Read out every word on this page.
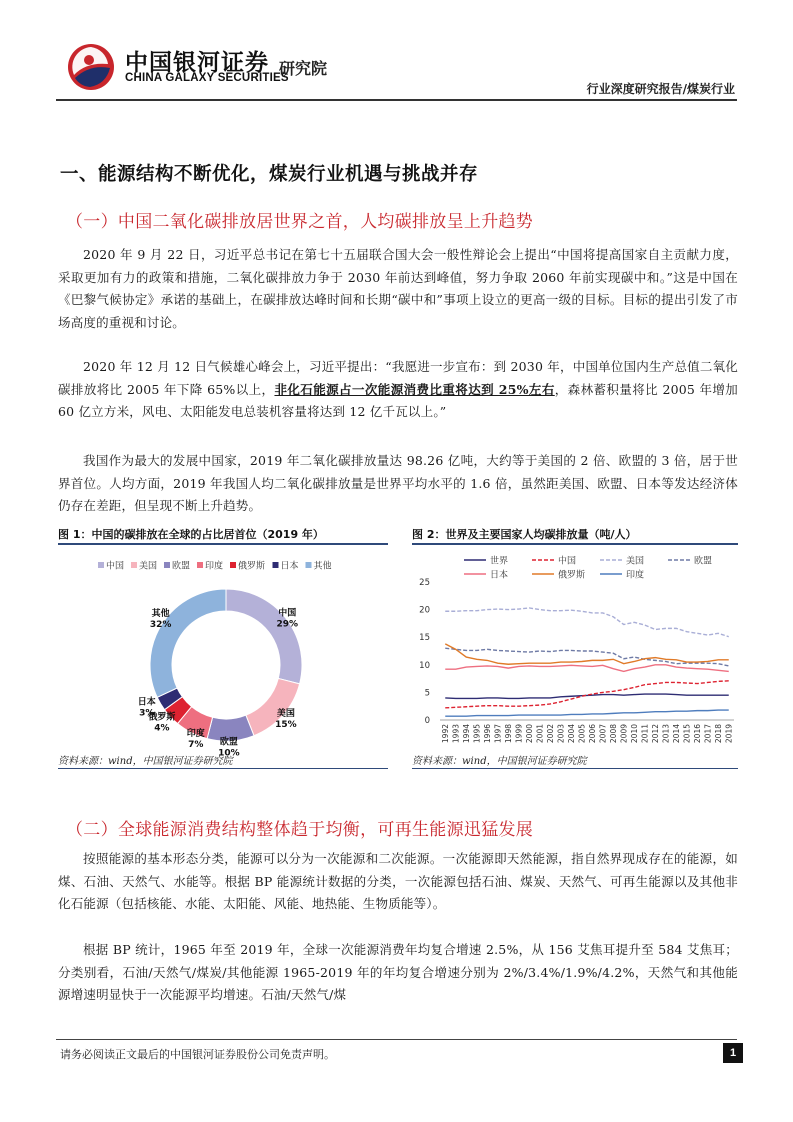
中国银河证券
CHINA GALAXY SECURITIES
研究院
行业深度研究报告/煤炭行业
一、能源结构不断优化，煤炭行业机遇与挑战并存
（一）中国二氧化碳排放居世界之首，人均碳排放呈上升趋势
2020 年 9 月 22 日，习近平总书记在第七十五届联合国大会一般性辩论会上提出“中国将提高国家自主贡献力度，采取更加有力的政策和措施，二氧化碳排放力争于 2030 年前达到峰值，努力争取 2060 年前实现碳中和。”这是中国在《巴黎气候协定》承诺的基础上，在碳排放达峰时间和长期“碳中和”事项上设立的更高一级的目标。目标的提出引发了市场高度的重视和讨论。
2020 年 12 月 12 日气候雄心峰会上，习近平提出：“我愿进一步宣布：到 2030 年，中国单位国内生产总值二氧化碳排放将比 2005 年下降 65%以上，非化石能源占一次能源消费比重将达到 25%左右，森林蓄积量将比 2005 年增加 60 亿立方米，风电、太阳能发电总装机容量将达到 12 亿千瓦以上。”
我国作为最大的发展中国家，2019 年二氧化碳排放量达 98.26 亿吨，大约等于美国的 2 倍、欧盟的 3 倍，居于世界首位。人均方面，2019 年我国人均二氧化碳排放量是世界平均水平的 1.6 倍，虽然距美国、欧盟、日本等发达经济体仍存在差距，但呈现不断上升趋势。
图 1：中国的碳排放在全球的占比居首位（2019 年）	图 2：世界及主要国家人均碳排放量（吨/人）
中国 美国 欧盟 印度 俄罗斯 日本 其他
中国
29%
美国
15%
欧盟
10%
印度
7%
俄罗斯
4%
日本
3%
其他
32%
世界	中国	美国	欧盟
日本	俄罗斯	印度
0
5
10
15
20
25
1992 1993 1994 1995 1996 1997 1998 1999 2000 2001 2002 2003 2004 2005 2006 2007 2008 2009 2010 2011 2012 2013 2014 2015 2016 2017 2018 2019
资料来源：wind，中国银河证券研究院	资料来源：wind，中国银河证券研究院
（二）全球能源消费结构整体趋于均衡，可再生能源迅猛发展
按照能源的基本形态分类，能源可以分为一次能源和二次能源。一次能源即天然能源，指自然界现成存在的能源，如煤、石油、天然气、水能等。根据 BP 能源统计数据的分类，一次能源包括石油、煤炭、天然气、可再生能源以及其他非化石能源（包括核能、水能、太阳能、风能、地热能、生物质能等）。
根据 BP 统计，1965 年至 2019 年，全球一次能源消费年均复合增速 2.5%，从 156 艾焦耳提升至 584 艾焦耳；分类别看，石油/天然气/煤炭/其他能源 1965-2019 年的年均复合增速分别为 2%/3.4%/1.9%/4.2%，天然气和其他能源增速明显快于一次能源平均增速。石油/天然气/煤
请务必阅读正文最后的中国银河证券股份公司免责声明。	1
